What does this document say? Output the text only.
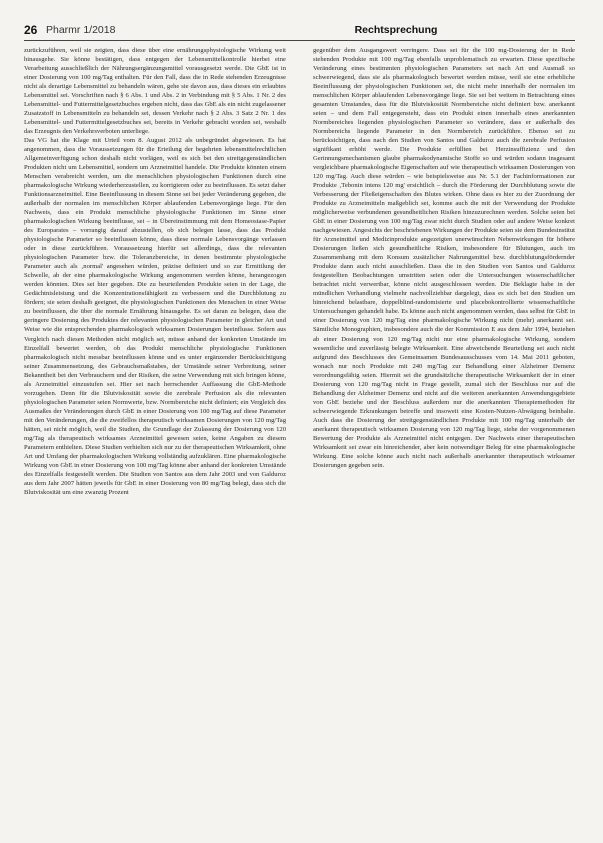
26 Pharmr 1/2018	Rechtsprechung

zurückzuführen, weil sie zeigten, dass diese über eine ernährungsphysiologische Wirkung weit hinausgehe. Sie könne bestätigen, dass entgegen der Lebensmittelkontrolle hierbei eine Verarbeitung ausschließlich der Nährungsergänzungsmittel vorausgesetzt werde. Die GbE ist in einer Dosierung von 100 mg/Tag enthalten. Für den Fall, dass die in Rede stehenden Erzeugnisse nicht als derartige Lebensmittel zu behandeln wären, gehe sie davon aus, dass dieses ein erlaubtes Lebensmittel sei. Vorschriften nach § 6 Abs. 1 und Abs. 2 in Verbindung mit § 5 Abs. 1 Nr. 2 des Lebensmittel- und Futtermittelgesetzbuches ergeben nicht, dass das GbE als ein nicht zugelassener Zusatzstoff in Lebensmitteln zu behandeln sei, dessen Verkehr nach § 2 Abs. 3 Satz 2 Nr. 1 des Lebensmittel- und Futtermittelgesetzbuches sei, bereits in Verkehr gebracht worden sei, weshalb das Erzeugnis den Verkehrsverboten unterliege.

Das VG hat die Klage mit Urteil vom 8. August 2012 als unbegründet abgewiesen. Es hat angenommen, dass die Voraussetzungen für die Erteilung der begehrten lebensmittelrechtlichen Allgemeinverfügung schon deshalb nicht vorlägen, weil es sich bei den streitgegenständlichen Produkten nicht um Lebensmittel, sondern um Arzneimittel handele. Die Produkte könnten einem Menschen verabreicht werden, um die menschlichen physiologischen Funktionen durch eine pharmakologische Wirkung wiederherzustellen, zu korrigieren oder zu beeinflussen. Es setzt daher Funktionsarzneimittel. Eine Beeinflussung in diesem Sinne sei bei jeder Veränderung gegeben, die außerhalb der normalen im menschlichen Körper ablaufenden Lebensvorgänge liege. Für den Nachweis, dass ein Produkt menschliche physiologische Funktionen im Sinne einer pharmakologischen Wirkung beeinflusse, sei – in Übereinstimmung mit dem Homeostase-Papier des Europarates – vorrangig darauf abzustellen, ob sich belegen lasse, dass das Produkt physiologische Parameter so beeinflussen könne, dass diese normale Lebensvorgänge verlassen oder in diese zurückführen. Voraussetzung hierfür sei allerdings, dass die relevanten physiologischen Parameter bzw. die Toleranzbereiche, in denen bestimmte physiologische Parameter auch als ‚normal' angesehen würden, präzise definiert und so zur Ermittlung der Schwelle, ab der eine pharmakologische Wirkung angenommen werden könne, herangezogen werden könnten. Dies sei hier gegeben. Die zu beurteilenden Produkte seien in der Lage, die Gedächtnisleistung und die Konzentrationsfähigkeit zu verbessern und die Durchblutung zu fördern; sie seien deshalb geeignet, die physiologischen Funktionen des Menschen in einer Weise zu beeinflussen, die über die normale Ernährung hinausgehe. Es sei daran zu belegen, dass die geringere Dosierung des Produktes der relevanten physiologischen Parameter in gleicher Art und Weise wie die entsprechenden pharmakologisch wirksamen Dosierungen beeinflusse. Sofern aus Vergleich nach diesen Methoden nicht möglich sei, müsse anhand der konkreten Umstände im Einzelfall bewertet werden, ob das Produkt menschliche physiologische Funktionen pharmakologisch nicht messbar beeinflussen könne und es unter ergänzender Berücksichtigung seiner Zusammensetzung, des Gebrauchsmaßstabes, der Umstände seiner Verbreitung, seiner Bekanntheit bei den Verbrauchern und der Risiken, die seine Verwendung mit sich bringen könne, als Arzneimittel einzustufen sei. Hier sei nach herrschender Auffassung die GbE-Methode vorzugehen. Denn für die Blutviskosität sowie die zerebrale Perfusion als die relevanten physiologischen Parameter seien Normwerte, bzw. Normbereiche nicht definiert; ein Vergleich des Ausmaßes der Veränderungen durch GbE in einer Dosierung von 100 mg/Tag auf diese Parameter mit den Veränderungen, die die zweifellos therapeutisch wirksamen Dosierungen von 120 mg/Tag hätten, sei nicht möglich, weil die Studien, die Grundlage der Zulassung der Dosierung von 120 mg/Tag als therapeutisch wirksames Arzneimittel gewesen seien, keine Angaben zu diesem Parametern enthielten. Diese Studien verhielten sich nur zu der therapeutischen Wirksamkeit, ohne Art und Umfang der pharmakologischen Wirkung vollständig aufzuklären. Eine pharmakologische Wirkung von GbE in einer Dosierung von 100 mg/Tag könne aber anhand der konkreten Umstände des Einzelfalls festgestellt werden. Die Studien von Santos aus dem Jahr 2003 und von Galduroz aus dem Jahr 2007 hätten jeweils für GbE in einer Dosierung von 80 mg/Tag belegt, dass sich die Blutviskosität um eine zwanzig Prozent

gegenüber dem Ausgangswert verringere. Dass sei für die 100 mg-Dosierung der in Rede stehenden Produkte mit 100 mg/Tag ebenfalls unproblematisch zu erwarten. Diese spezifische Veränderung eines bestimmten physiologischen Parameters sei nach Art und Ausmaß so schwerwiegend, dass sie als pharmakologisch bewertet werden müsse, weil sie eine erhebliche Beeinflussung der physiologischen Funktionen sei, die nicht mehr innerhalb der normalen im menschlichen Körper ablaufenden Lebensvorgänge liege. Sie sei bei weitem in Betrachtung eines gesamten Umstandes, dass für die Blutviskosität Normbereiche nicht definiert bzw. anerkannt seien – und dem Fall entgegensteht, dass ein Produkt einen innerhalb eines anerkannten Normbereiches liegenden physiologischen Parameter so verändere, dass er außerhalb des Normbereichs liegende Parameter in den Normbereich zurückführe. Ebenso sei zu berücksichtigen, dass nach den Studien von Santos und Galduroz auch die zerebrale Perfusion signifikant erhöht werde. Die Produkte erfüllten bei Herzinsuffizienz und den Gerinnungsmechanismen glaube pharmakodynamische Stoffe so und würden sodann insgesamt vergleichbare pharmakologische Eigenschaften auf wie therapeutisch wirksamen Dosierungen von 120 mg/Tag. Auch diese würden – wie beispielsweise aus Nr. 5.1 der Fachinformationen zur Produkte ‚Tebonin intens 120 mg' ersichtlich – durch die Förderung der Durchblutung sowie die Verbesserung der Fließeigenschaften des Blutes wirken. Ohne dass es hier zu der Zuordnung der Produkte zu Arzneimitteln maßgeblich sei, komme auch die mit der Verwendung der Produkte möglicherweise verbundenen gesundheitlichen Risiken hinzuzurechnen werden. Solche seien bei GbE in einer Dosierung von 100 mg/Tag zwar nicht durch Studien oder auf andere Weise konkret nachgewiesen. Angesichts der beschriebenen Wirkungen der Produkte seien sie dem Bundesinstitut für Arzneimittel und Medizinprodukte angezeigten unerwünschten Nebenwirkungen für höhere Dosierungen ließen sich gesundheitliche Risiken, insbesondere für Blutungen, auch im Zusammenhang mit dem Konsum zusätzlicher Nahrungsmittel bzw. durchblutungsfördernder Produkte dann auch nicht ausschließen. Dass die in den Studien von Santos und Galduroz festgestellten Beobachtungen umstritten seien oder die Untersuchungen wissenschaftlicher betrachtet nicht verwertbar, könne nicht ausgeschlossen werden. Die Beklagte habe in der mündlichen Verhandlung vielmehr nachvollziehbar dargelegt, dass es sich bei den Studien um hinreichend belastbare, doppelblind-randomisierte und placebokontrollierte wissenschaftliche Untersuchungen gehandelt habe. Es könne auch nicht angenommen werden, dass selbst für GbE in einer Dosierung von 120 mg/Tag eine pharmakologische Wirkung nicht (mehr) anerkannt sei. Sämtliche Monographien, insbesondere auch die der Kommission E aus dem Jahr 1994, beziehen ab einer Dosierung von 120 mg/Tag nicht nur eine pharmakologische Wirkung, sondern wesentliche und zuverlässig belegte Wirksamkeit. Eine abweichende Beurteilung sei auch nicht aufgrund des Beschlusses des Gemeinsamen Bundesausschusses vom 14. Mai 2011 geboten, wonach nur noch Produkte mit 240 mg/Tag zur Behandlung einer Alzheimer Demenz verordnungsfähig seien. Hiermit sei die grundsätzliche therapeutische Wirksamkeit der in einer Dosierung von 120 mg/Tag nicht in Frage gestellt, zumal sich der Beschluss nur auf die Behandlung der Alzheimer Demenz und nicht auf die weiteren anerkannten Anwendungsgebiete von GbE beziehe und der Beschluss außerdem nur die anerkannten Therapiemethoden für schwerwiegende Erkrankungen betreffe und insoweit eine Kosten-Nutzen-Abwägung beinhalte. Auch dass die Dosierung der streitgegenständlichen Produkte mit 100 mg/Tag unterhalb der anerkannt therapeutisch wirksamen Dosierung von 120 mg/Tag liege, stehe der vorgenommenen Bewertung der Produkte als Arzneimittel nicht entgegen. Der Nachweis einer therapeutischen Wirksamkeit sei zwar ein hinreichender, aber kein notwendiger Beleg für eine pharmakologische Wirkung. Eine solche könne auch nicht nach außerhalb anerkannter therapeutisch wirksamer Dosierungen gegeben sein.
